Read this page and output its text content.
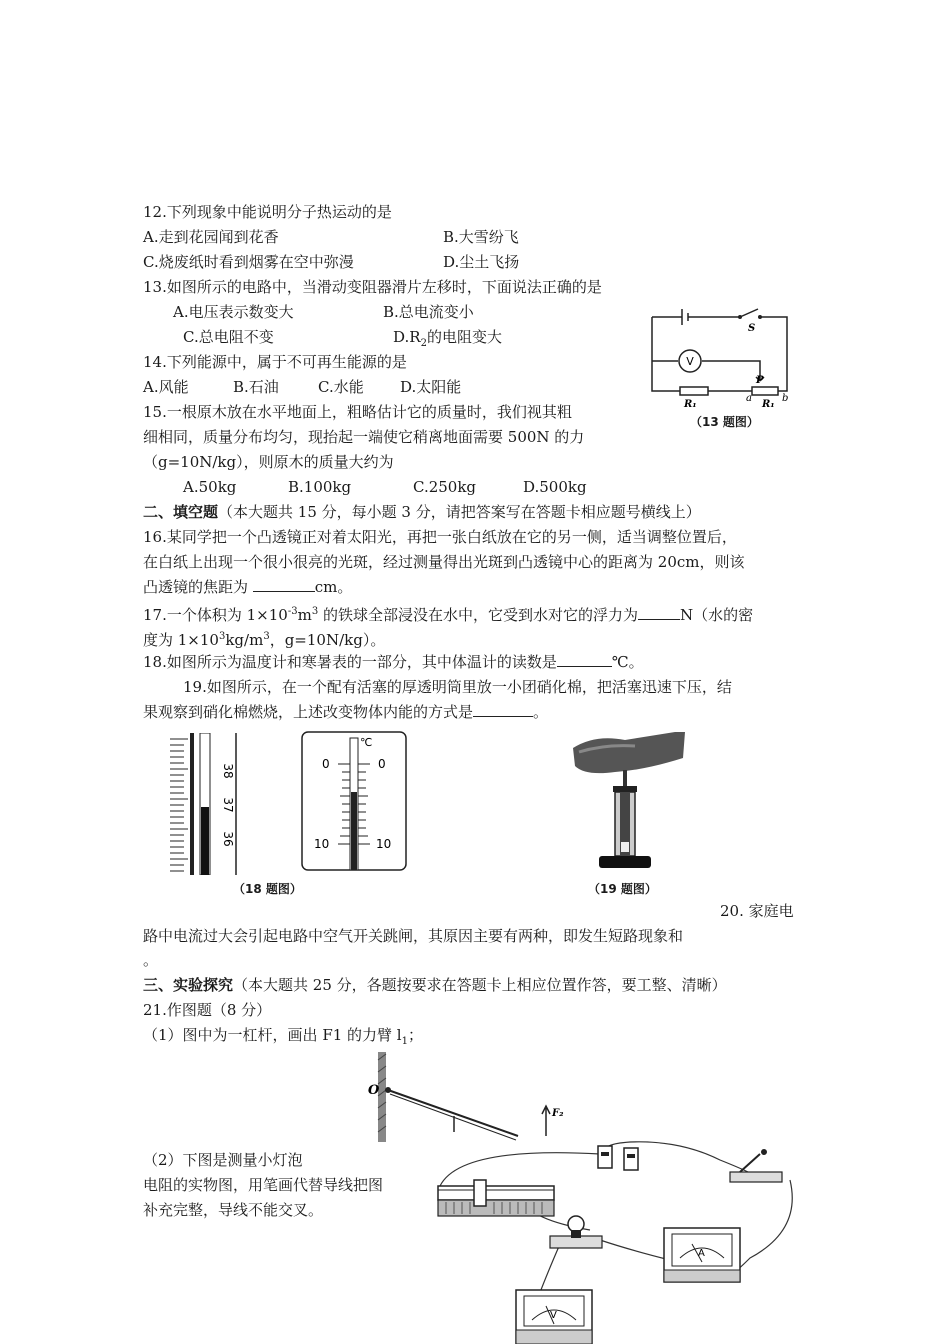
12.下列现象中能说明分子热运动的是
A.走到花园闻到花香	B.大雪纷飞
C.烧废纸时看到烟雾在空中弥漫	D.尘土飞扬
13.如图所示的电路中，当滑动变阻器滑片左移时，下面说法正确的是
A.电压表示数变大	B.总电流变小
C.总电阻不变	$D.R_2$的电阻变大
V
S
R₁	R₁
P
a	b
（13 题图）
14.下列能源中，属于不可再生能源的是
A.风能	B.石油	C.水能 D.太阳能
15.一根原木放在水平地面上，粗略估计它的质量时，我们视其粗
细相同，质量分布均匀，现抬起一端使它稍离地面需要 500N 的力
（g=10N/kg），则原木的质量大约为
A.50kg	B.100kg	C.250kg	D.500kg
二、填空题（本大题共 15 分，每小题 3 分，请把答案写在答题卡相应题号横线上）
16.某同学把一个凸透镜正对着太阳光，再把一张白纸放在它的另一侧，适当调整位置后，
在白纸上出现一个很小很亮的光斑，经过测量得出光斑到凸透镜中心的距离为 20cm，则该
凸透镜的焦距为	cm。
17.一个体积为 $1\times 10^{-3}m^3$ 的铁球全部浸没在水中，它受到水对它的浮力为	N（水的密
度为 $1\times 10^3kg/m^3$，g=10N/kg）。
18.如图所示为温度计和寒暑表的一部分，其中体温计的读数是	℃。
19.如图所示，在一个配有活塞的厚透明筒里放一小团硝化棉，把活塞迅速下压，结
果观察到硝化棉燃烧，上述改变物体内能的方式是	。
38
37
36
℃
0	0
10	10
（18 题图）	（19 题图）
20. 家庭电
路中电流过大会引起电路中空气开关跳闸，其原因主要有两种，即发生短路现象和
。
三、实验探究（本大题共 25 分，各题按要求在答题卡上相应位置作答，要工整、清晰）
21.作图题（8 分）
（1）图中为一杠杆，画出 F1 的力臂 $l_1$；
O
F₂
（2）下图是测量小灯泡
电阻的实物图，用笔画代替导线把图
补充完整，导线不能交叉。
A
V
